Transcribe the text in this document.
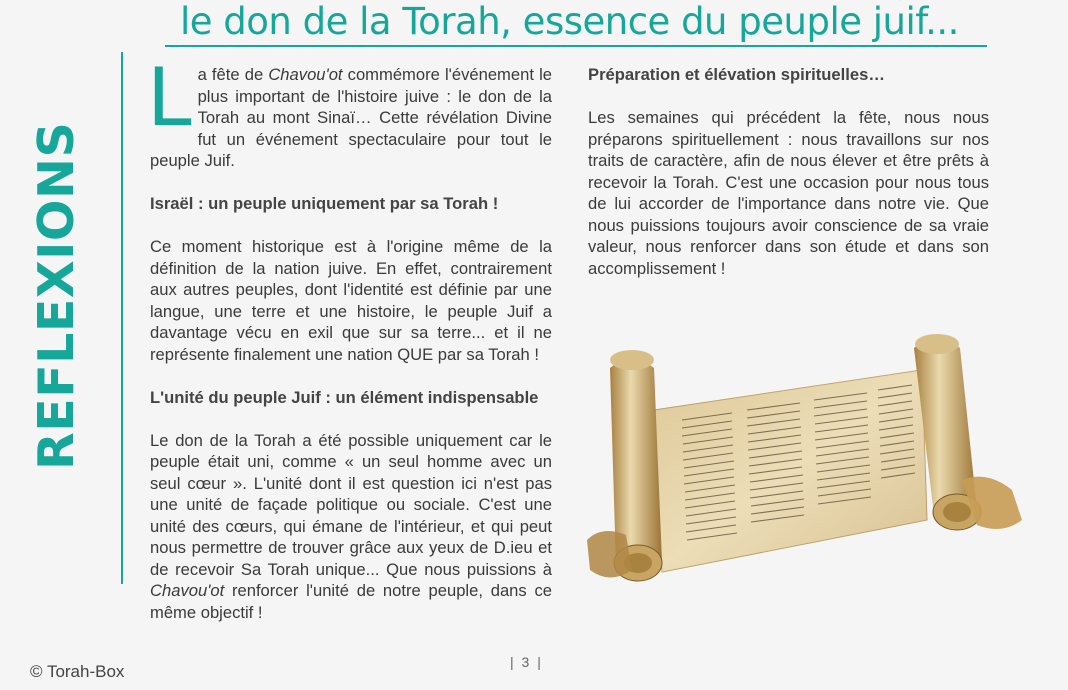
le don de la Torah, essence du peuple juif...
REFLEXIONS

La fête de Chavou'ot commémore l'événement le plus important de l'histoire juive : le don de la Torah au mont Sinaï… Cette révélation Divine fut un événement spectaculaire pour tout le peuple Juif.

Israël : un peuple uniquement par sa Torah !

Ce moment historique est à l'origine même de la définition de la nation juive. En effet, contrairement aux autres peuples, dont l'identité est définie par une langue, une terre et une histoire, le peuple Juif a davantage vécu en exil que sur sa terre... et il ne représente finalement une nation QUE par sa Torah !

L'unité du peuple Juif : un élément indispensable

Le don de la Torah a été possible uniquement car le peuple était uni, comme « un seul homme avec un seul cœur ». L'unité dont il est question ici n'est pas une unité de façade politique ou sociale. C'est une unité des cœurs, qui émane de l'intérieur, et qui peut nous permettre de trouver grâce aux yeux de D.ieu et de recevoir Sa Torah unique... Que nous puissions à Chavou'ot renforcer l'unité de notre peuple, dans ce même objectif !

Préparation et élévation spirituelles…

Les semaines qui précédent la fête, nous nous préparons spirituellement : nous travaillons sur nos traits de caractère, afin de nous élever et être prêts à recevoir la Torah. C'est une occasion pour nous tous de lui accorder de l'importance dans notre vie. Que nous puissions toujours avoir conscience de sa vraie valeur, nous renforcer dans son étude et dans son accomplissement !

© Torah-Box	| 3 |
